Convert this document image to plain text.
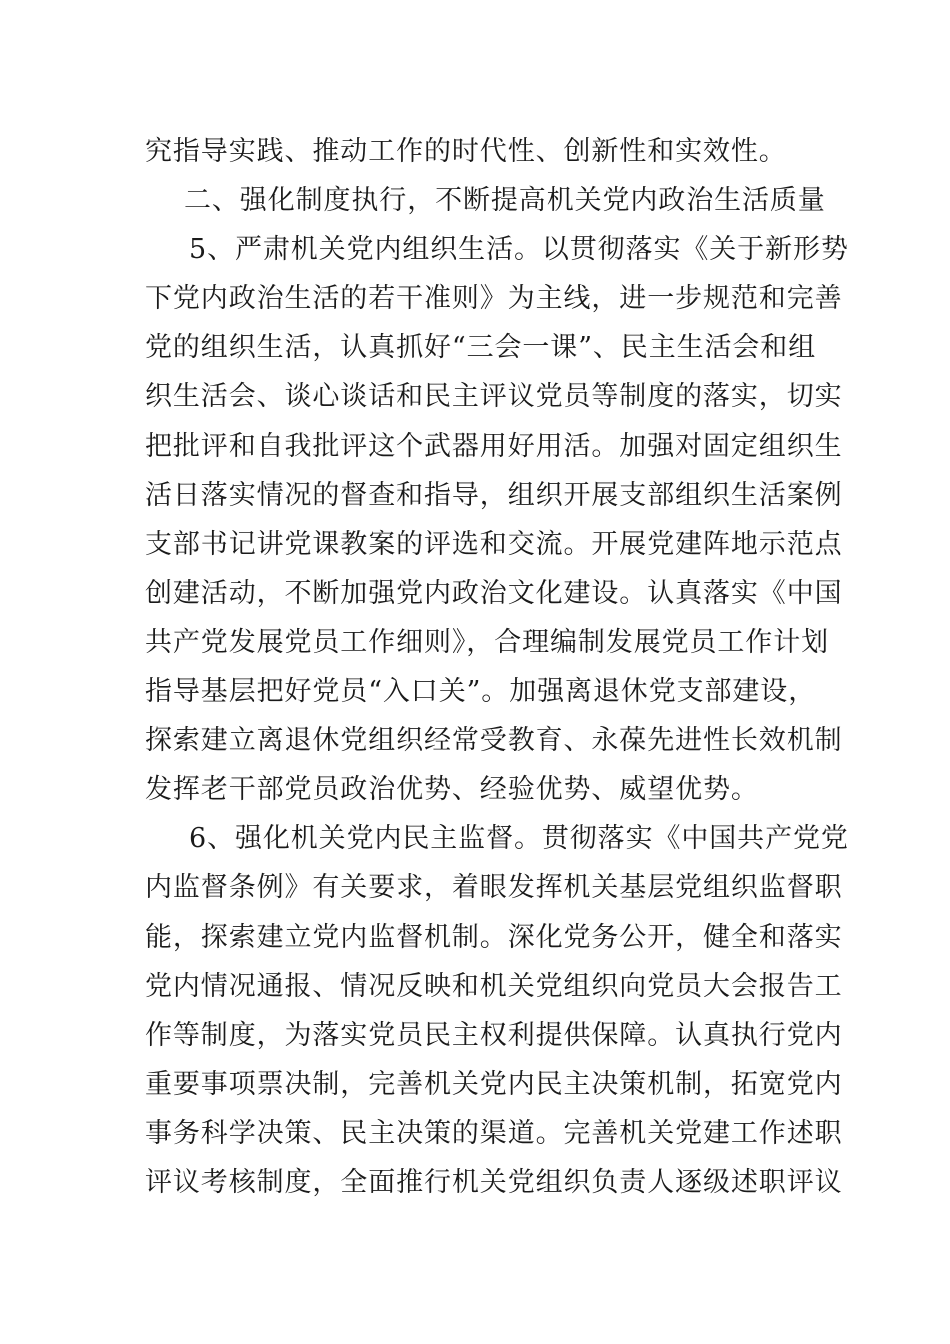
究指导实践、推动工作的时代性、创新性和实效性。
二、强化制度执行，不断提高机关党内政治生活质量
5、严肃机关党内组织生活。以贯彻落实《关于新形势
下党内政治生活的若干准则》为主线，进一步规范和完善
党的组织生活，认真抓好“三会一课”、民主生活会和组
织生活会、谈心谈话和民主评议党员等制度的落实，切实
把批评和自我批评这个武器用好用活。加强对固定组织生
活日落实情况的督查和指导，组织开展支部组织生活案例
支部书记讲党课教案的评选和交流。开展党建阵地示范点
创建活动，不断加强党内政治文化建设。认真落实《中国
共产党发展党员工作细则》，合理编制发展党员工作计划
指导基层把好党员“入口关”。加强离退休党支部建设，
探索建立离退休党组织经常受教育、永葆先进性长效机制
发挥老干部党员政治优势、经验优势、威望优势。
6、强化机关党内民主监督。贯彻落实《中国共产党党
内监督条例》有关要求，着眼发挥机关基层党组织监督职
能，探索建立党内监督机制。深化党务公开，健全和落实
党内情况通报、情况反映和机关党组织向党员大会报告工
作等制度，为落实党员民主权利提供保障。认真执行党内
重要事项票决制，完善机关党内民主决策机制，拓宽党内
事务科学决策、民主决策的渠道。完善机关党建工作述职
评议考核制度，全面推行机关党组织负责人逐级述职评议
